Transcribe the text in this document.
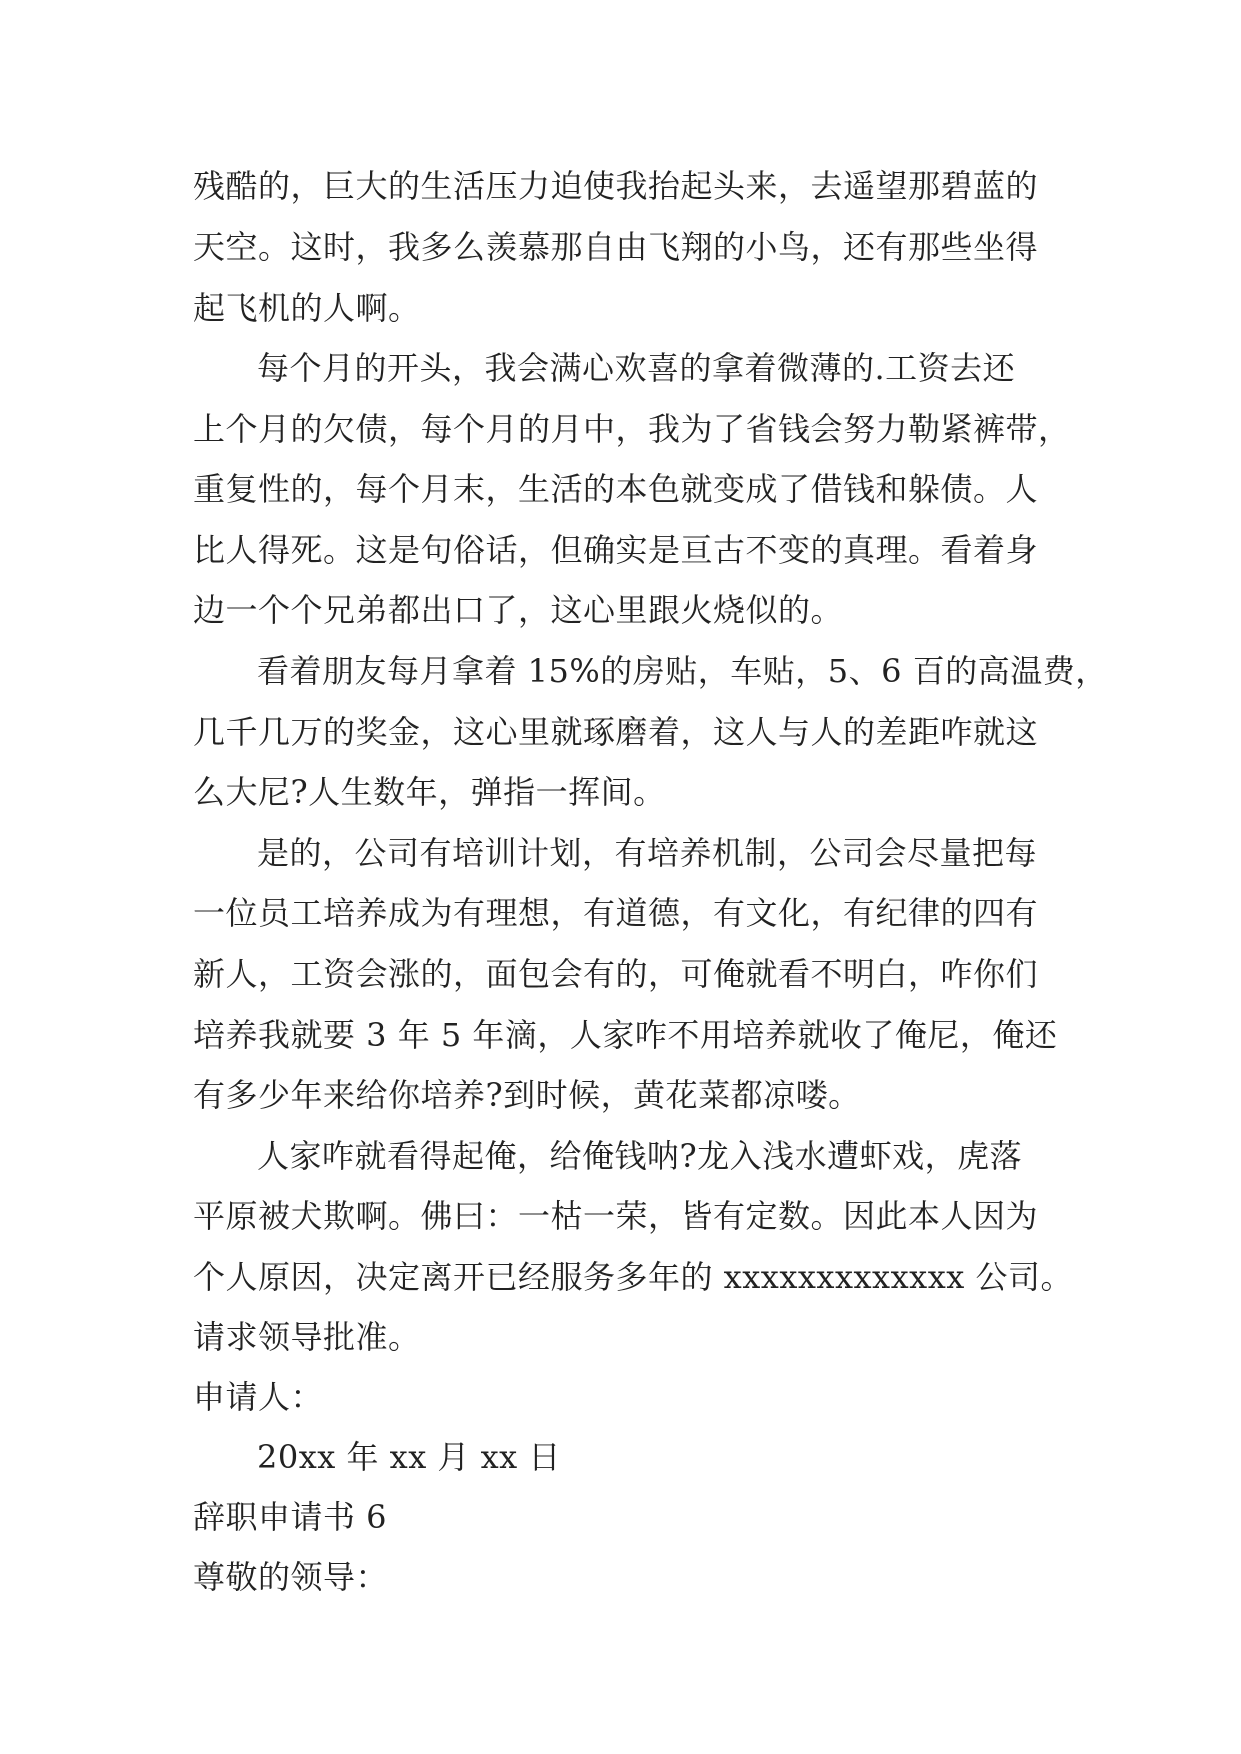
残酷的，巨大的生活压力迫使我抬起头来，去遥望那碧蓝的
天空。这时，我多么羡慕那自由飞翔的小鸟，还有那些坐得
起飞机的人啊。
每个月的开头，我会满心欢喜的拿着微薄的.工资去还
上个月的欠债，每个月的月中，我为了省钱会努力勒紧裤带，
重复性的，每个月末，生活的本色就变成了借钱和躲债。人
比人得死。这是句俗话，但确实是亘古不变的真理。看着身
边一个个兄弟都出口了，这心里跟火烧似的。
看着朋友每月拿着 15%的房贴，车贴，5、6 百的高温费，
几千几万的奖金，这心里就琢磨着，这人与人的差距咋就这
么大尼?人生数年，弹指一挥间。
是的，公司有培训计划，有培养机制，公司会尽量把每
一位员工培养成为有理想，有道德，有文化，有纪律的四有
新人，工资会涨的，面包会有的，可俺就看不明白，咋你们
培养我就要 3 年 5 年滴，人家咋不用培养就收了俺尼，俺还
有多少年来给你培养?到时候，黄花菜都凉喽。
人家咋就看得起俺，给俺钱呐?龙入浅水遭虾戏，虎落
平原被犬欺啊。佛曰：一枯一荣，皆有定数。因此本人因为
个人原因，决定离开已经服务多年的 xxxxxxxxxxxxx 公司。
请求领导批准。
申请人：
20xx 年 xx 月 xx 日
辞职申请书 6
尊敬的领导：
